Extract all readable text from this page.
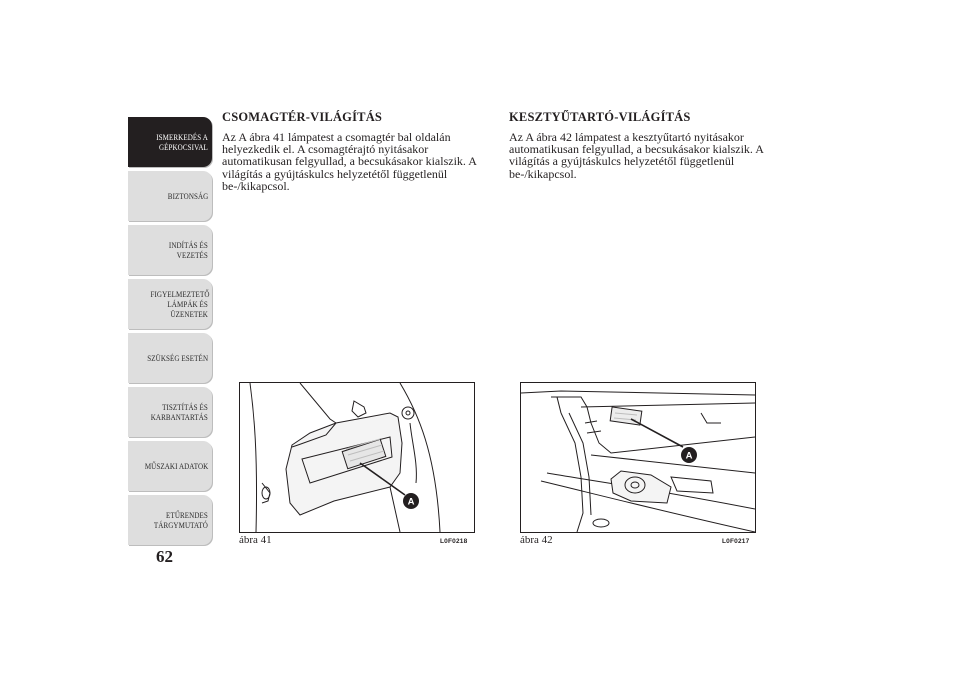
ISMERKEDÉS A GÉPKOCSIVAL
BIZTONSÁG
INDÍTÁS ÉS VEZETÉS
FIGYELMEZTETŐ LÁMPÁK ÉS ÜZENETEK
SZÜKSÉG ESETÉN
TISZTÍTÁS ÉS KARBANTARTÁS
MŰSZAKI ADATOK
ETŰRENDES TÁRGYMUTATÓ
62
CSOMAGTÉR-VILÁGÍTÁS

Az A ábra 41 lámpatest a csomagtér bal oldalán helyezkedik el. A csomagtérajtó nyitásakor automatikusan felgyullad, a becsukásakor kialszik. A világítás a gyújtáskulcs helyzetétől függetlenül be-/kikapcsol.

KESZTYŰTARTÓ-VILÁGÍTÁS

Az A ábra 42 lámpatest a kesztyűtartó nyitásakor automatikusan felgyullad, a becsukásakor kialszik. A világítás a gyújtáskulcs helyzetétől függetlenül be-/kikapcsol.

A
ábra 41	L0F0218
A
ábra 42	L0F0217
